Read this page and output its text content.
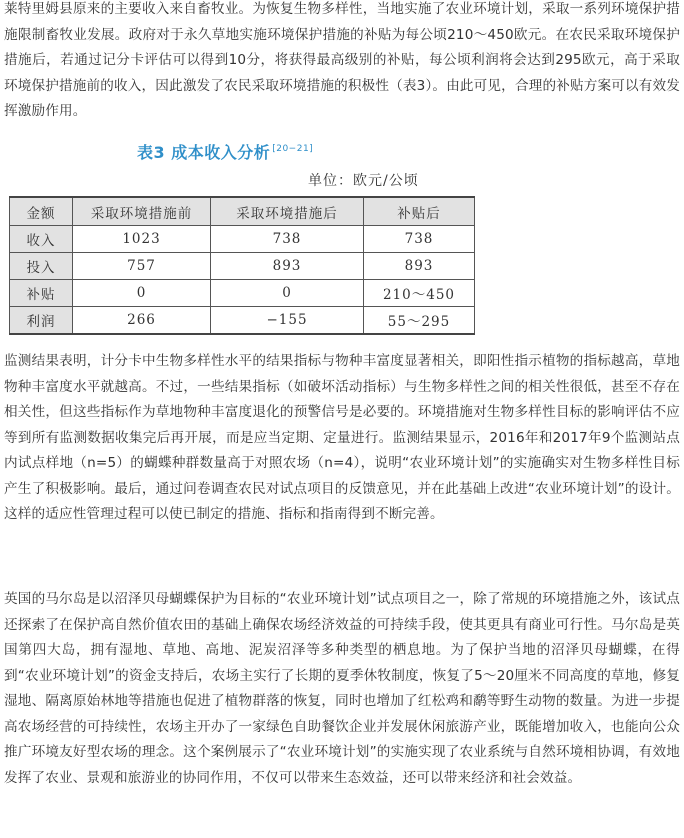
莱特里姆县原来的主要收入来自畜牧业。为恢复生物多样性，当地实施了农业环境计划，采取一系列环境保护措施限制畜牧业发展。政府对于永久草地实施环境保护措施的补贴为每公顷210～450欧元。在农民采取环境保护措施后，若通过记分卡评估可以得到10分，将获得最高级别的补贴，每公顷利润将会达到295欧元，高于采取环境保护措施前的收入，因此激发了农民采取环境措施的积极性（表3）。由此可见，合理的补贴方案可以有效发挥激励作用。

表3 成本收入分析 [20−21]

单位：欧元/公顷

金额	采取环境措施前	采取环境措施后	补贴后
收入	1023	738	738
投入	757	893	893
补贴	0	0	210～450
利润	266	−155	55～295

监测结果表明，计分卡中生物多样性水平的结果指标与物种丰富度显著相关，即阳性指示植物的指标越高，草地物种丰富度水平就越高。不过，一些结果指标（如破坏活动指标）与生物多样性之间的相关性很低，甚至不存在相关性，但这些指标作为草地物种丰富度退化的预警信号是必要的。环境措施对生物多样性目标的影响评估不应等到所有监测数据收集完后再开展，而是应当定期、定量进行。监测结果显示，2016年和2017年9个监测站点内试点样地（n=5）的蝴蝶种群数量高于对照农场（n=4），说明“农业环境计划”的实施确实对生物多样性目标产生了积极影响。最后，通过问卷调查农民对试点项目的反馈意见，并在此基础上改进“农业环境计划”的设计。这样的适应性管理过程可以使已制定的措施、指标和指南得到不断完善。

英国的马尔岛是以沼泽贝母蝴蝶保护为目标的“农业环境计划”试点项目之一，除了常规的环境措施之外，该试点还探索了在保护高自然价值农田的基础上确保农场经济效益的可持续手段，使其更具有商业可行性。马尔岛是英国第四大岛，拥有湿地、草地、高地、泥炭沼泽等多种类型的栖息地。为了保护当地的沼泽贝母蝴蝶，在得到“农业环境计划”的资金支持后，农场主实行了长期的夏季休牧制度，恢复了5～20厘米不同高度的草地，修复湿地、隔离原始林地等措施也促进了植物群落的恢复，同时也增加了红松鸡和鹬等野生动物的数量。为进一步提高农场经营的可持续性，农场主开办了一家绿色自助餐饮企业并发展休闲旅游产业，既能增加收入，也能向公众推广环境友好型农场的理念。这个案例展示了“农业环境计划”的实施实现了农业系统与自然环境相协调，有效地发挥了农业、景观和旅游业的协同作用，不仅可以带来生态效益，还可以带来经济和社会效益。
